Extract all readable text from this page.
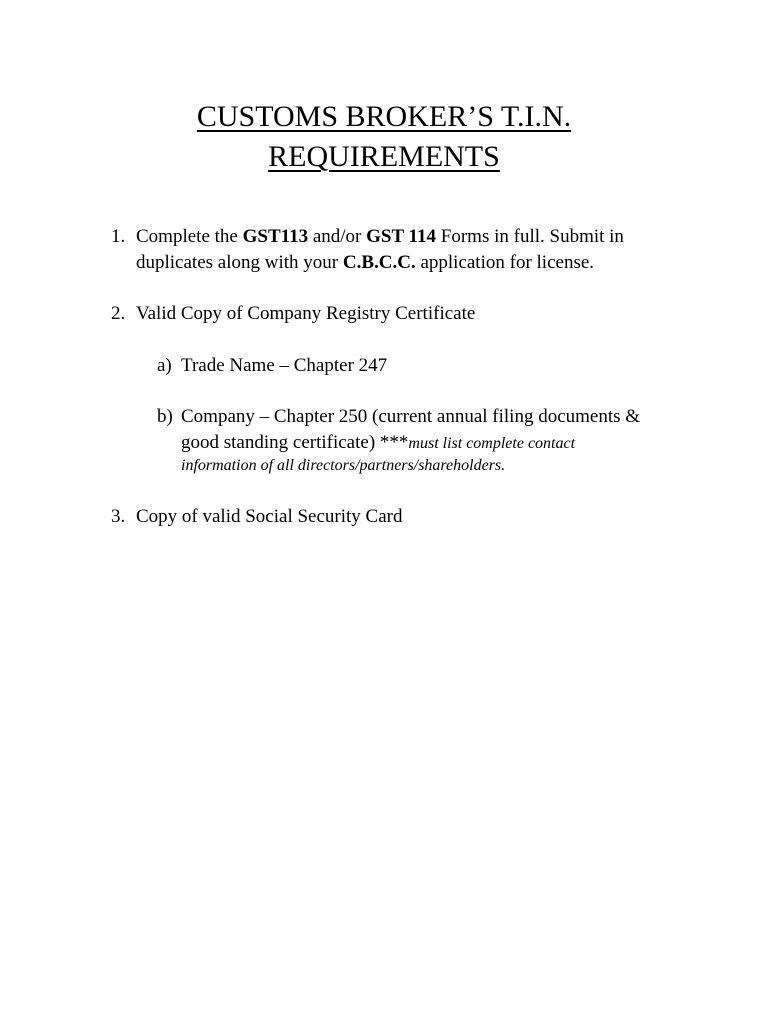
CUSTOMS BROKER’S T.I.N.
REQUIREMENTS
1. Complete the GST113 and/or GST 114 Forms in full. Submit in
duplicates along with your C.B.C.C. application for license.
2. Valid Copy of Company Registry Certificate
a) Trade Name – Chapter 247
b) Company – Chapter 250 (current annual filing documents &
good standing certificate) ***must list complete contact
information of all directors/partners/shareholders.
3. Copy of valid Social Security Card
